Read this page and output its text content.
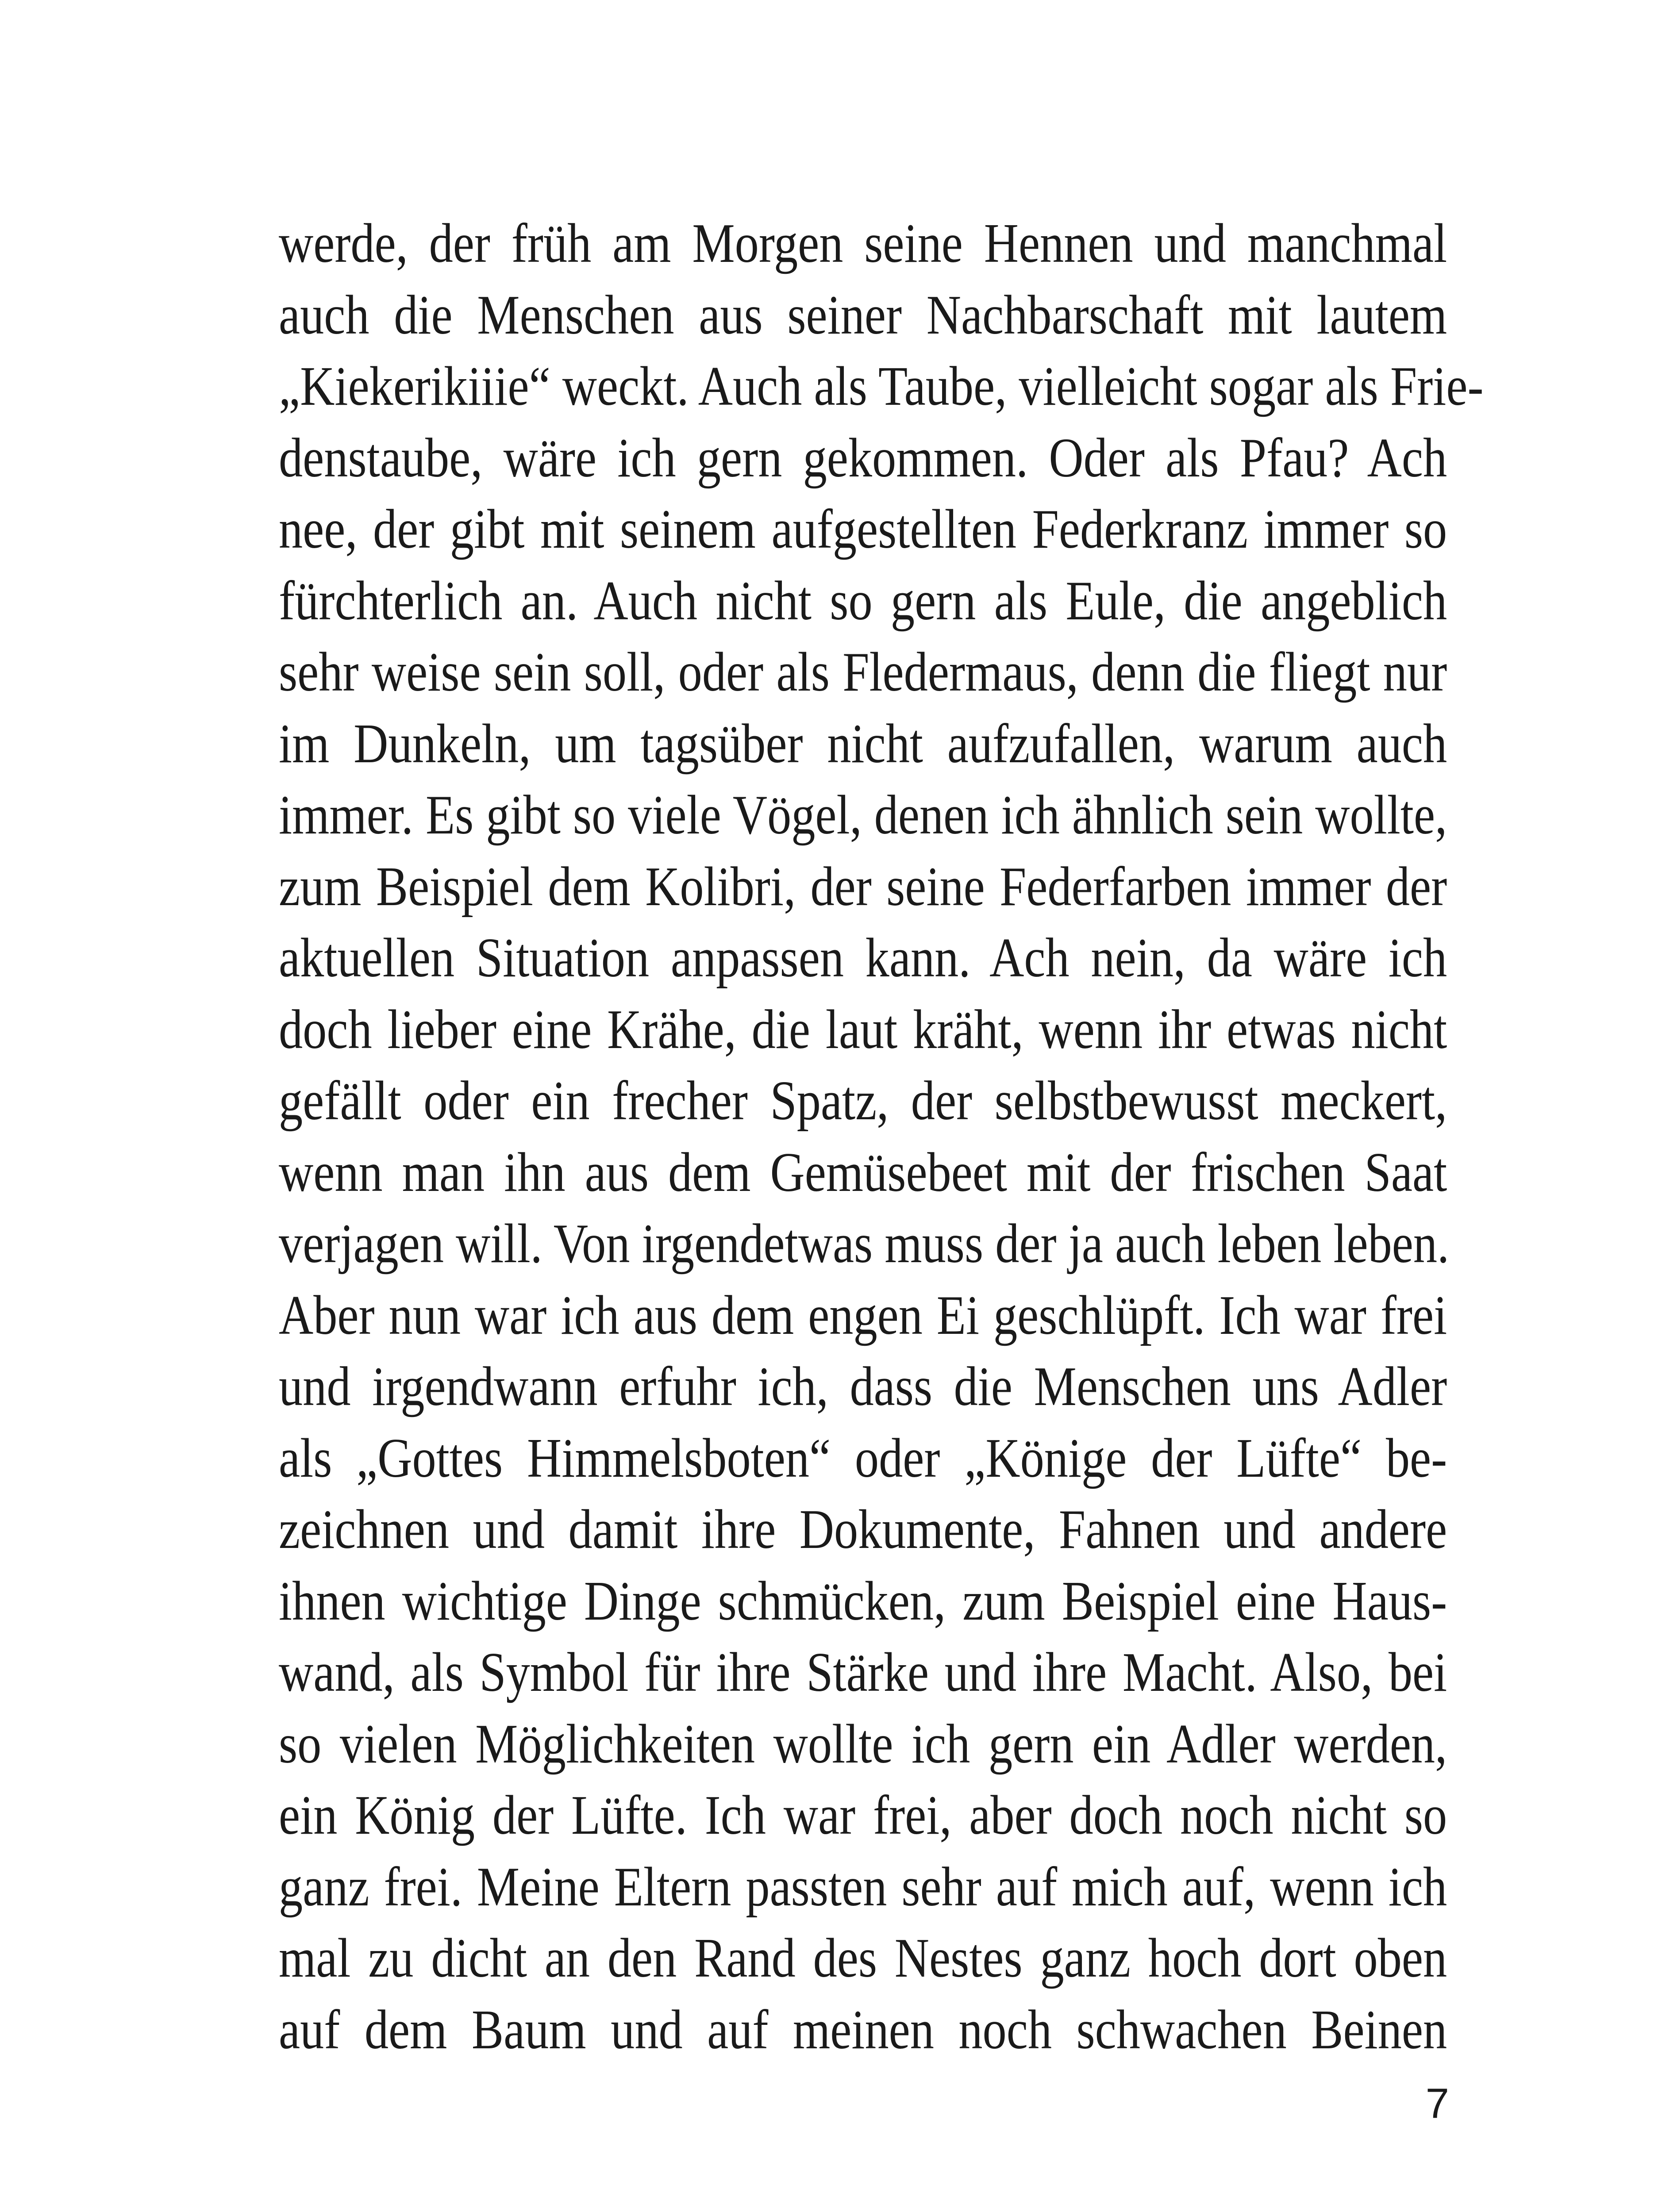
werde, der früh am Morgen seine Hennen und manchmal
auch die Menschen aus seiner Nachbarschaft mit lautem
„Kiekerikiiie“ weckt. Auch als Taube, vielleicht sogar als Frie-
denstaube, wäre ich gern gekommen. Oder als Pfau? Ach
nee, der gibt mit seinem aufgestellten Federkranz immer so
fürchterlich an. Auch nicht so gern als Eule, die angeblich
sehr weise sein soll, oder als Fledermaus, denn die fliegt nur
im Dunkeln, um tagsüber nicht aufzufallen, warum auch
immer. Es gibt so viele Vögel, denen ich ähnlich sein wollte,
zum Beispiel dem Kolibri, der seine Federfarben immer der
aktuellen Situation anpassen kann. Ach nein, da wäre ich
doch lieber eine Krähe, die laut kräht, wenn ihr etwas nicht
gefällt oder ein frecher Spatz, der selbstbewusst meckert,
wenn man ihn aus dem Gemüsebeet mit der frischen Saat
verjagen will. Von irgendetwas muss der ja auch leben leben.
Aber nun war ich aus dem engen Ei geschlüpft. Ich war frei
und irgendwann erfuhr ich, dass die Menschen uns Adler
als „Gottes Himmelsboten“ oder „Könige der Lüfte“ be-
zeichnen und damit ihre Dokumente, Fahnen und andere
ihnen wichtige Dinge schmücken, zum Beispiel eine Haus-
wand, als Symbol für ihre Stärke und ihre Macht. Also, bei
so vielen Möglichkeiten wollte ich gern ein Adler werden,
ein König der Lüfte. Ich war frei, aber doch noch nicht so
ganz frei. Meine Eltern passten sehr auf mich auf, wenn ich
mal zu dicht an den Rand des Nestes ganz hoch dort oben
auf dem Baum und auf meinen noch schwachen Beinen
7
